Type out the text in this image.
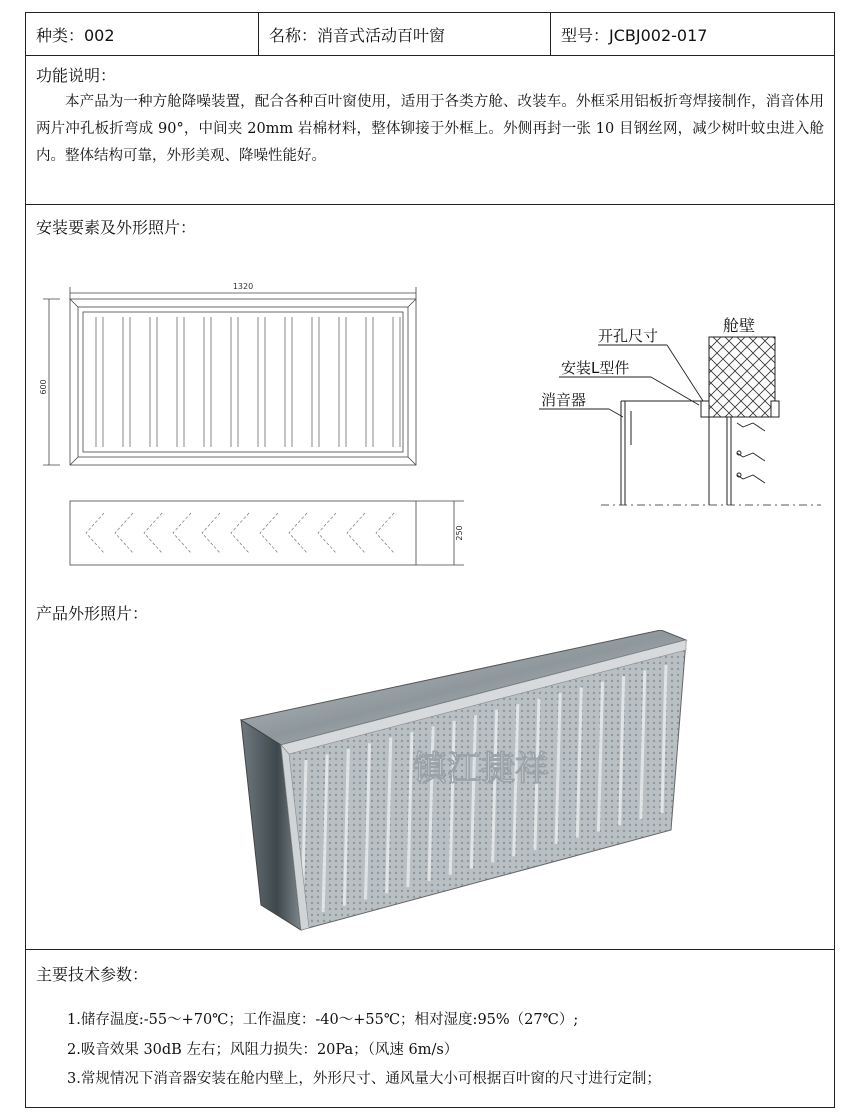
种类：002	名称：消音式活动百叶窗	型号：JCBJ002-017
功能说明：
本产品为一种方舱降噪装置，配合各种百叶窗使用，适用于各类方舱、改装车。外框采用铝板折弯焊接制作，消音体用两片冲孔板折弯成 90°，中间夹 20mm 岩棉材料，整体铆接于外框上。外侧再封一张 10 目钢丝网，减少树叶蚊虫进入舱内。整体结构可靠，外形美观、降噪性能好。
安装要素及外形照片：
1320
600
250
开孔尺寸
安装L型件
消音器
舱壁
产品外形照片：
镇江捷祥
主要技术参数：
1.储存温度:-55～+70℃；工作温度：-40～+55℃；相对湿度:95%（27℃）;
2.吸音效果 30dB 左右；风阻力损失：20Pa；（风速 6m/s）
3.常规情况下消音器安装在舱内壁上，外形尺寸、通风量大小可根据百叶窗的尺寸进行定制；
